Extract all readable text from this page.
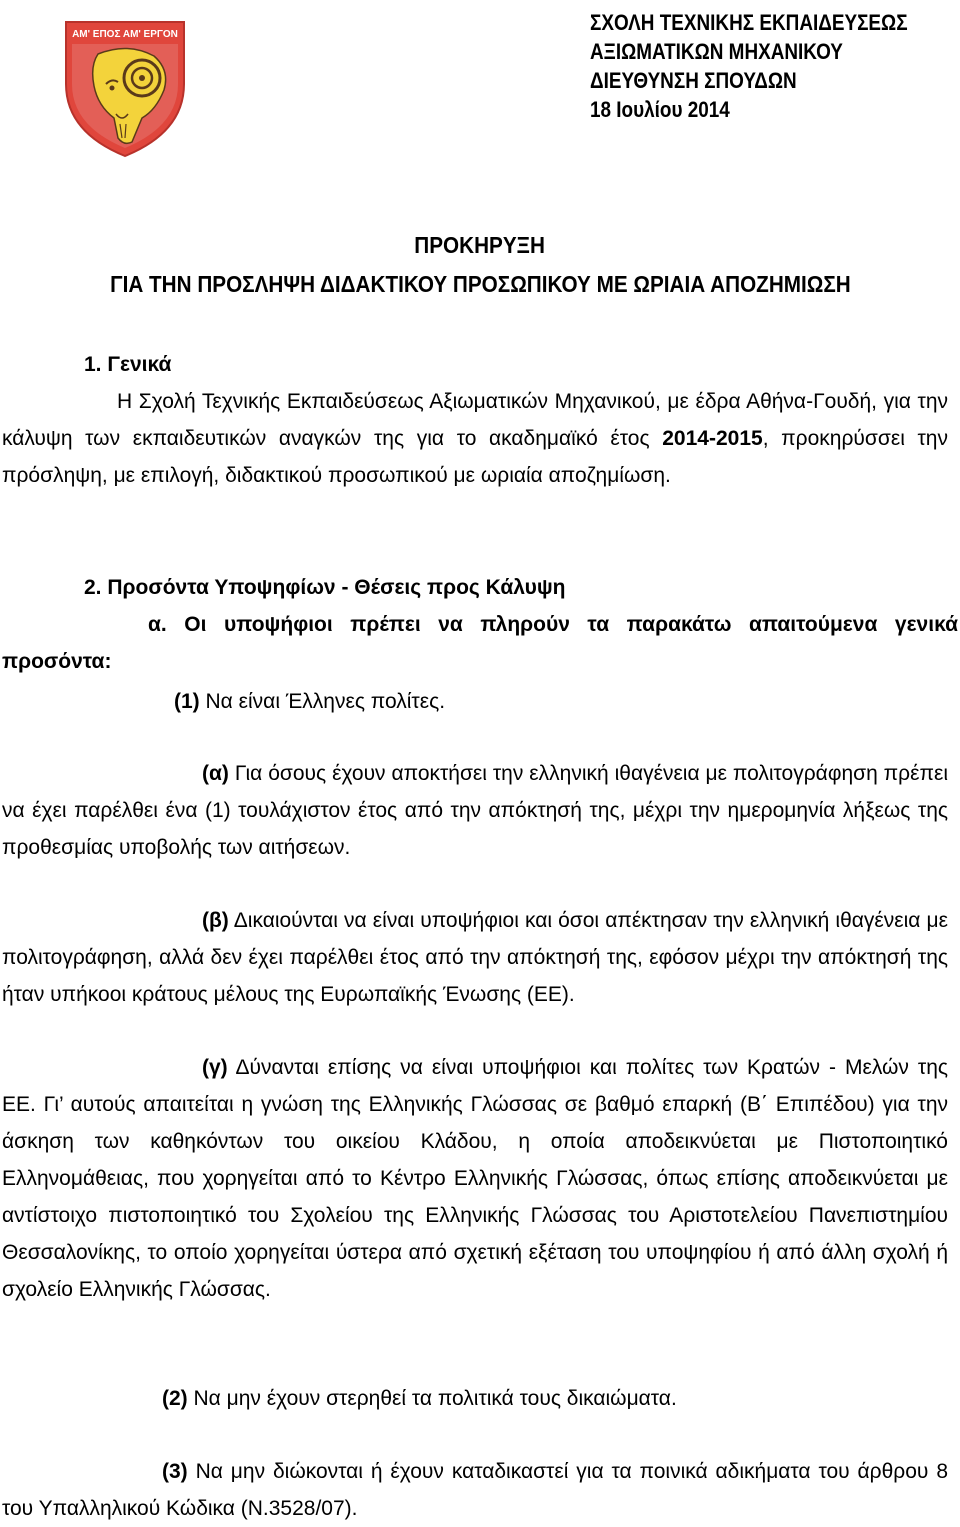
ΑΜ' ΕΠΟΣ ΑΜ' ΕΡΓΟΝ	ΣΧΟΛΗ ΤΕΧΝΙΚΗΣ ΕΚΠΑΙΔΕΥΣΕΩΣ
ΑΞΙΩΜΑΤΙΚΩΝ ΜΗΧΑΝΙΚΟΥ
ΔΙΕΥΘΥΝΣΗ ΣΠΟΥΔΩΝ
18 Ιουλίου 2014
ΠΡΟΚΗΡΥΞΗ
ΓΙΑ ΤΗΝ ΠΡΟΣΛΗΨΗ ΔΙΔΑΚΤΙΚΟΥ ΠΡΟΣΩΠΙΚΟΥ ΜΕ ΩΡΙΑΙΑ ΑΠΟΖΗΜΙΩΣΗ
1. Γενικά

Η Σχολή Τεχνικής Εκπαιδεύσεως Αξιωματικών Μηχανικού, με έδρα Αθήνα-Γουδή, για την κάλυψη των εκπαιδευτικών αναγκών της για το ακαδημαϊκό έτος 2014-2015, προκηρύσσει την πρόσληψη, με επιλογή, διδακτικού προσωπικού με ωριαία αποζημίωση.

2. Προσόντα Υποψηφίων - Θέσεις προς Κάλυψη

α. Οι υποψήφιοι πρέπει να πληρούν τα παρακάτω απαιτούμενα γενικά προσόντα:

(1) Να είναι Έλληνες πολίτες.

(α) Για όσους έχουν αποκτήσει την ελληνική ιθαγένεια με πολιτογράφηση πρέπει να έχει παρέλθει ένα (1) τουλάχιστον έτος από την απόκτησή της, μέχρι την ημερομηνία λήξεως της προθεσμίας υποβολής των αιτήσεων.

(β) Δικαιούνται να είναι υποψήφιοι και όσοι απέκτησαν την ελληνική ιθαγένεια με πολιτογράφηση, αλλά δεν έχει παρέλθει έτος από την απόκτησή της, εφόσον μέχρι την απόκτησή της ήταν υπήκοοι κράτους μέλους της Ευρωπαϊκής Ένωσης (ΕΕ).

(γ) Δύνανται επίσης να είναι υποψήφιοι και πολίτες των Κρατών - Μελών της ΕΕ. Γι’ αυτούς απαιτείται η γνώση της Ελληνικής Γλώσσας σε βαθμό επαρκή (Β΄ Επιπέδου) για την άσκηση των καθηκόντων του οικείου Κλάδου, η οποία αποδεικνύεται με Πιστοποιητικό Ελληνομάθειας, που χορηγείται από το Κέντρο Ελληνικής Γλώσσας, όπως επίσης αποδεικνύεται με αντίστοιχο πιστοποιητικό του Σχολείου της Ελληνικής Γλώσσας του Αριστοτελείου Πανεπιστημίου Θεσσαλονίκης, το οποίο χορηγείται ύστερα από σχετική εξέταση του υποψηφίου ή από άλλη σχολή ή σχολείο Ελληνικής Γλώσσας.

(2) Να μην έχουν στερηθεί τα πολιτικά τους δικαιώματα.

(3) Να μην διώκονται ή έχουν καταδικαστεί για τα ποινικά αδικήματα του άρθρου 8 του Υπαλληλικού Κώδικα (Ν.3528/07).
